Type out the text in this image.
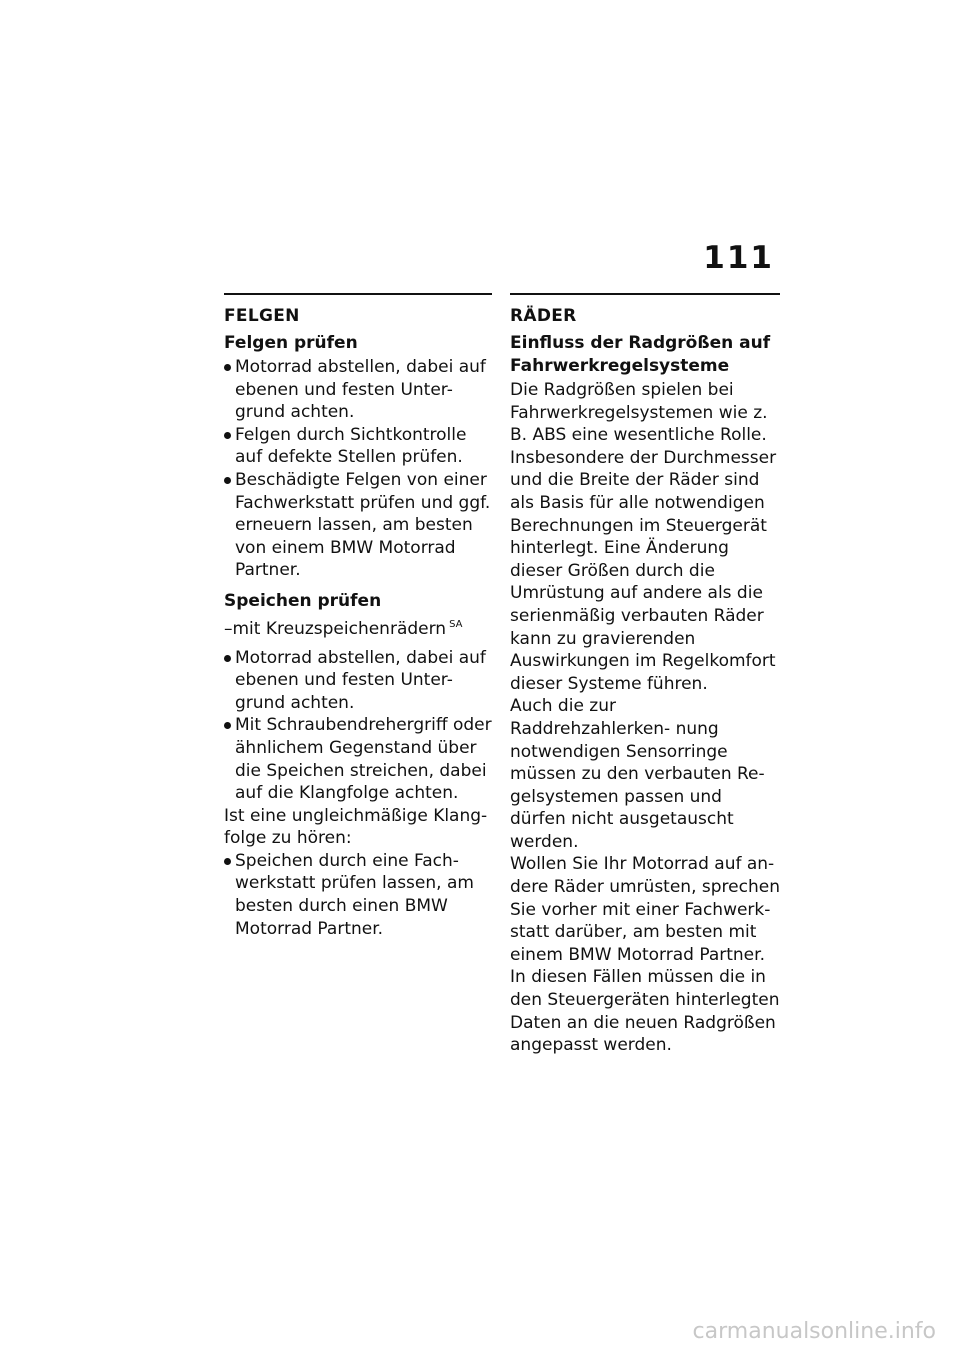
111
FELGEN
Felgen prüfen
Motorrad abstellen, dabei auf ebenen und festen Unter- grund achten.
Felgen durch Sichtkontrolle auf defekte Stellen prüfen.
Beschädigte Felgen von einer Fachwerkstatt prüfen und ggf. erneuern lassen, am besten von einem BMW Motorrad Partner.
Speichen prüfen

–mit Kreuzspeichenrädern $^{SA}$

Motorrad abstellen, dabei auf ebenen und festen Unter- grund achten.
Mit Schraubendrehergriff oder ähnlichem Gegenstand über die Speichen streichen, dabei auf die Klangfolge achten.

Ist eine ungleichmäßige Klang- folge zu hören:

Speichen durch eine Fach- werkstatt prüfen lassen, am besten durch einen BMW Motorrad Partner.
RÄDER
Einfluss der Radgrößen auf Fahrwerkregelsysteme

Die Radgrößen spielen bei Fahrwerkregelsystemen wie z. B. ABS eine wesentliche Rolle. Insbesondere der Durchmesser und die Breite der Räder sind als Basis für alle notwendigen Berechnungen im Steuergerät hinterlegt. Eine Änderung dieser Größen durch die Umrüstung auf andere als die serienmäßig verbauten Räder kann zu gravierenden Auswirkungen im Regelkomfort dieser Systeme führen.

Auch die zur Raddrehzahlerken- nung notwendigen Sensorringe müssen zu den verbauten Re- gelsystemen passen und dürfen nicht ausgetauscht werden.

Wollen Sie Ihr Motorrad auf an- dere Räder umrüsten, sprechen Sie vorher mit einer Fachwerk- statt darüber, am besten mit einem BMW Motorrad Partner. In diesen Fällen müssen die in den Steuergeräten hinterlegten Daten an die neuen Radgrößen angepasst werden.

carmanualsonline.info
